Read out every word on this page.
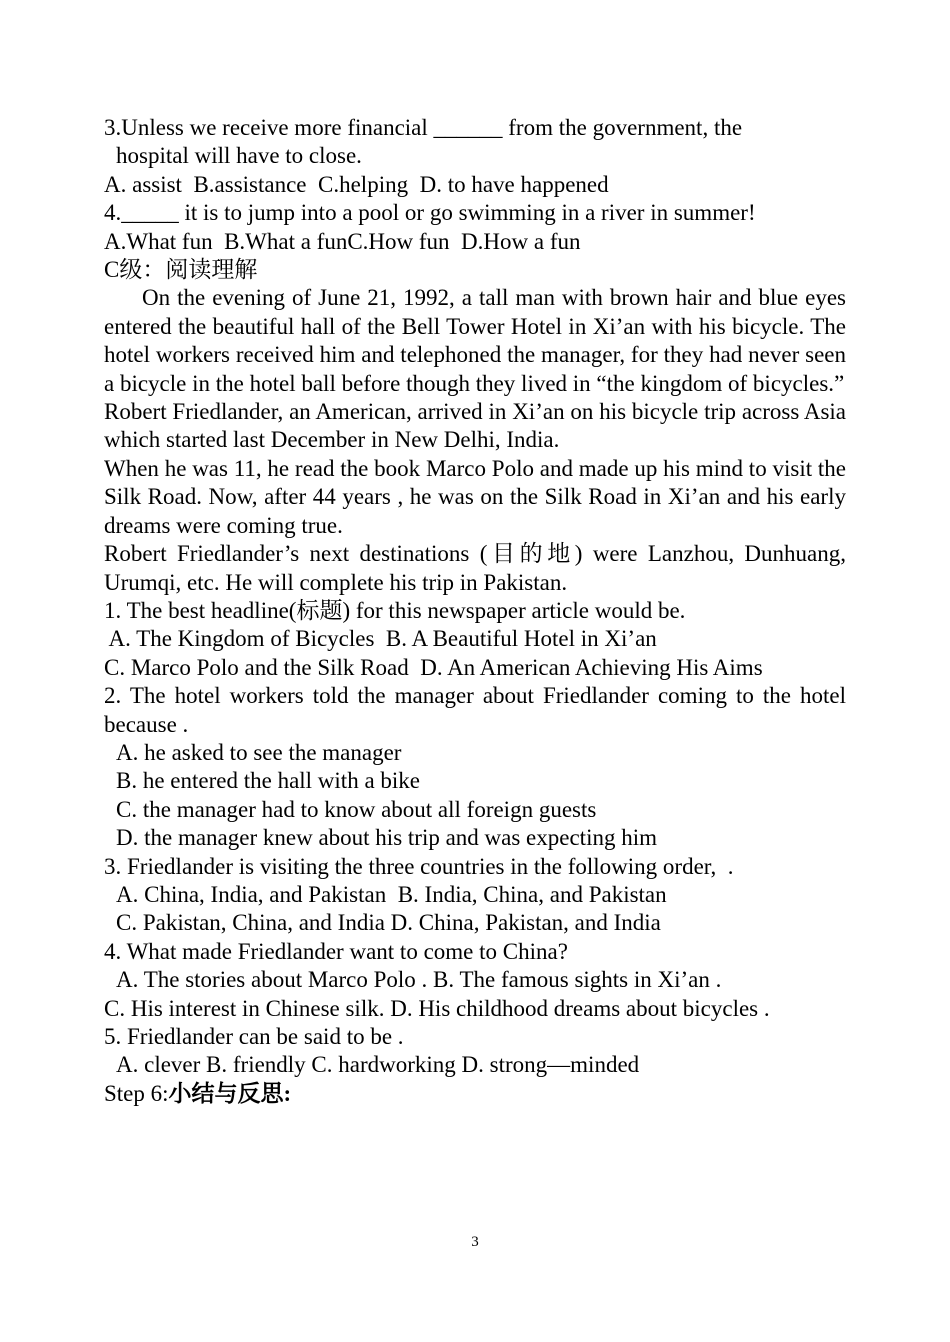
3.Unless we receive more financial ______ from the government, the
hospital will have to close.
A. assist  B.assistance  C.helping  D. to have happened
4._____ it is to jump into a pool or go swimming in a river in summer!
A.What fun  B.What a funC.How fun  D.How a fun
C级：阅读理解
On the evening of June 21, 1992, a tall man with brown hair and blue eyes entered the beautiful hall of the Bell Tower Hotel in Xi’an with his bicycle. The hotel workers received him and telephoned the manager, for they had never seen a bicycle in the hotel ball before though they lived in “the kingdom of bicycles.”
Robert Friedlander, an American, arrived in Xi’an on his bicycle trip across Asia which started last December in New Delhi, India.
When he was 11, he read the book Marco Polo and made up his mind to visit the Silk Road. Now, after 44 years , he was on the Silk Road in Xi’an and his early dreams were coming true.
Robert Friedlander’s next destinations (目的地) were Lanzhou, Dunhuang, Urumqi, etc. He will complete his trip in Pakistan.
1. The best headline(标题) for this newspaper article would be.
A. The Kingdom of Bicycles  B. A Beautiful Hotel in Xi’an
C. Marco Polo and the Silk Road  D. An American Achieving His Aims
2. The hotel workers told the manager about Friedlander coming to the hotel because .
A. he asked to see the manager
B. he entered the hall with a bike
C. the manager had to know about all foreign guests
D. the manager knew about his trip and was expecting him
3. Friedlander is visiting the three countries in the following order,  .
A. China, India, and Pakistan  B. India, China, and Pakistan
C. Pakistan, China, and India D. China, Pakistan, and India
4. What made Friedlander want to come to China?
A. The stories about Marco Polo . B. The famous sights in Xi’an .
C. His interest in Chinese silk. D. His childhood dreams about bicycles .
5. Friedlander can be said to be .
A. clever B. friendly C. hardworking D. strong—minded
Step 6:小结与反思:
3
